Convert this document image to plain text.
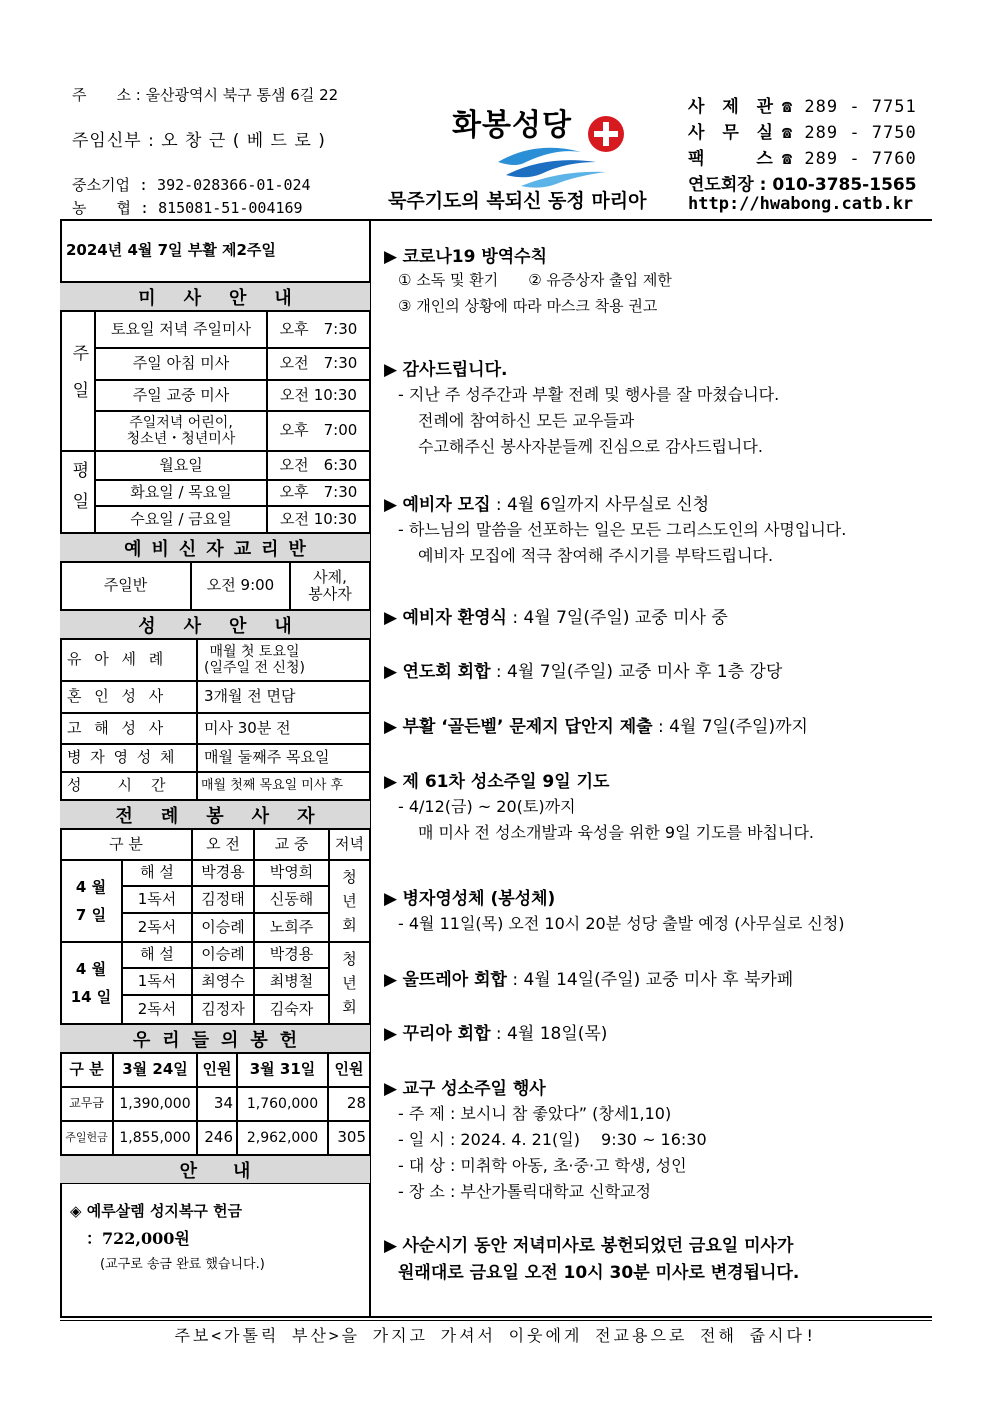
주　　소 : 울산광역시 북구 통샘 6길 22
주임신부 : 오 창 근 ( 베 드 로 )
중소기업 : 392-028366-01-024
농　　협 : 815081-51-004169
화봉성당
묵주기도의 복되신 동정 마리아
사 제 관 ☎ 289 - 7751
사 무 실 ☎ 289 - 7750
팩　　스 ☎ 289 - 7760
연도회장 : 010-3785-1565
http://hwabong.catb.kr
2024년 4월 7일 부활 제2주일
미사안내
주일
토요일 저녁 주일미사	오후　7:30
주일 아침 미사	오전　7:30
주일 교중 미사	오전 10:30
주일저녁 어린이,
청소년・청년미사	오후　7:00
평일	월요일	오전　6:30
화요일 / 목요일	오후　7:30
수요일 / 금요일	오전 10:30
예비신자교리반
주일반	오전 9:00	사제,
봉사자
성사안내
유 아 세 례	매월 첫 토요일
(일주일 전 신청)
혼 인 성 사	3개월 전 면담
고 해 성 사	미사 30분 전
병 자 영 성 체	매월 둘째주 목요일
성　　시　간	매월 첫째 목요일 미사 후
전례봉사자
구 분	오 전	교 중	저녁
4 월
7 일
해 설	박경용	박영희
1독서	김정태	신동해
2독서	이승례	노희주
청
년
회
4 월
14 일
해 설	이승례	박경용
1독서	최영수	최병철
2독서	김정자	김숙자
청
년
회
우리들의봉헌
구 분	3월 24일 인원	3월 31일	인원
교무금	1,390,000	34 1,760,000	28
주일헌금 1,855,000 246 2,962,000	305
안내
◈ 예루살렘 성지복구 헌금
：722,000원
(교구로 송금 완료 했습니다.)
▶ 코로나19 방역수칙
① 소독 및 환기　　② 유증상자 출입 제한
③ 개인의 상황에 따라 마스크 착용 권고
▶ 감사드립니다.
- 지난 주 성주간과 부활 전례 및 행사를 잘 마쳤습니다.
전례에 참여하신 모든 교우들과
수고해주신 봉사자분들께 진심으로 감사드립니다.
▶ 예비자 모집 : 4월 6일까지 사무실로 신청
- 하느님의 말씀을 선포하는 일은 모든 그리스도인의 사명입니다.
예비자 모집에 적극 참여해 주시기를 부탁드립니다.
▶ 예비자 환영식 : 4월 7일(주일) 교중 미사 중
▶ 연도회 회합 : 4월 7일(주일) 교중 미사 후 1층 강당
▶ 부활 ‘골든벨’ 문제지 답안지 제출 : 4월 7일(주일)까지
▶ 제 61차 성소주일 9일 기도
- 4/12(금) ~ 20(토)까지
매 미사 전 성소개발과 육성을 위한 9일 기도를 바칩니다.
▶ 병자영성체 (봉성체)
- 4월 11일(목) 오전 10시 20분 성당 출발 예정 (사무실로 신청)
▶ 울뜨레아 회합 : 4월 14일(주일) 교중 미사 후 북카페
▶ 꾸리아 회합 : 4월 18일(목)
▶ 교구 성소주일 행사
- 주 제 : 보시니 참 좋았다” (창세1,10)
- 일 시 : 2024. 4. 21(일)　 9:30 ~ 16:30
- 대 상 : 미취학 아동, 초·중·고 학생, 성인
- 장 소 : 부산가톨릭대학교 신학교정
▶ 사순시기 동안 저녁미사로 봉헌되었던 금요일 미사가
원래대로 금요일 오전 10시 30분 미사로 변경됩니다.
주보<가톨릭 부산>을 가지고 가셔서 이웃에게 전교용으로 전해 줍시다!
